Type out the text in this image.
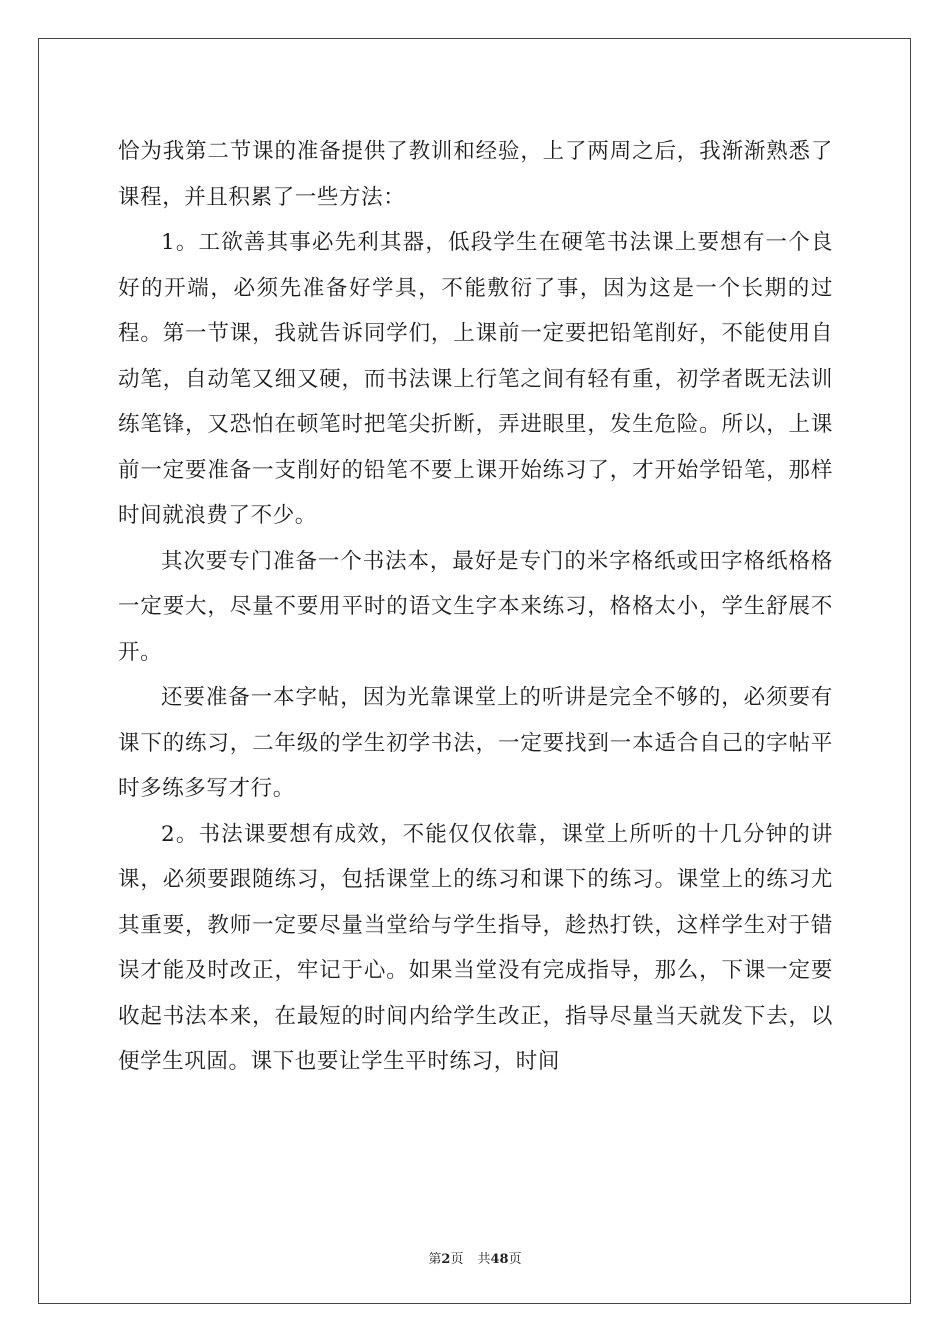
恰为我第二节课的准备提供了教训和经验，上了两周之后，我渐渐熟悉了课程，并且积累了一些方法：

1。工欲善其事必先利其器，低段学生在硬笔书法课上要想有一个良好的开端，必须先准备好学具，不能敷衍了事，因为这是一个长期的过程。第一节课，我就告诉同学们，上课前一定要把铅笔削好，不能使用自动笔，自动笔又细又硬，而书法课上行笔之间有轻有重，初学者既无法训练笔锋，又恐怕在顿笔时把笔尖折断，弄进眼里，发生危险。所以，上课前一定要准备一支削好的铅笔不要上课开始练习了，才开始学铅笔，那样时间就浪费了不少。

其次要专门准备一个书法本，最好是专门的米字格纸或田字格纸格格一定要大，尽量不要用平时的语文生字本来练习，格格太小，学生舒展不开。

还要准备一本字帖，因为光靠课堂上的听讲是完全不够的，必须要有课下的练习，二年级的学生初学书法，一定要找到一本适合自己的字帖平时多练多写才行。

2。书法课要想有成效，不能仅仅依靠，课堂上所听的十几分钟的讲课，必须要跟随练习，包括课堂上的练习和课下的练习。课堂上的练习尤其重要，教师一定要尽量当堂给与学生指导，趁热打铁，这样学生对于错误才能及时改正，牢记于心。如果当堂没有完成指导，那么，下课一定要收起书法本来，在最短的时间内给学生改正，指导尽量当天就发下去，以便学生巩固。课下也要让学生平时练习，时间

第2页 共48页
